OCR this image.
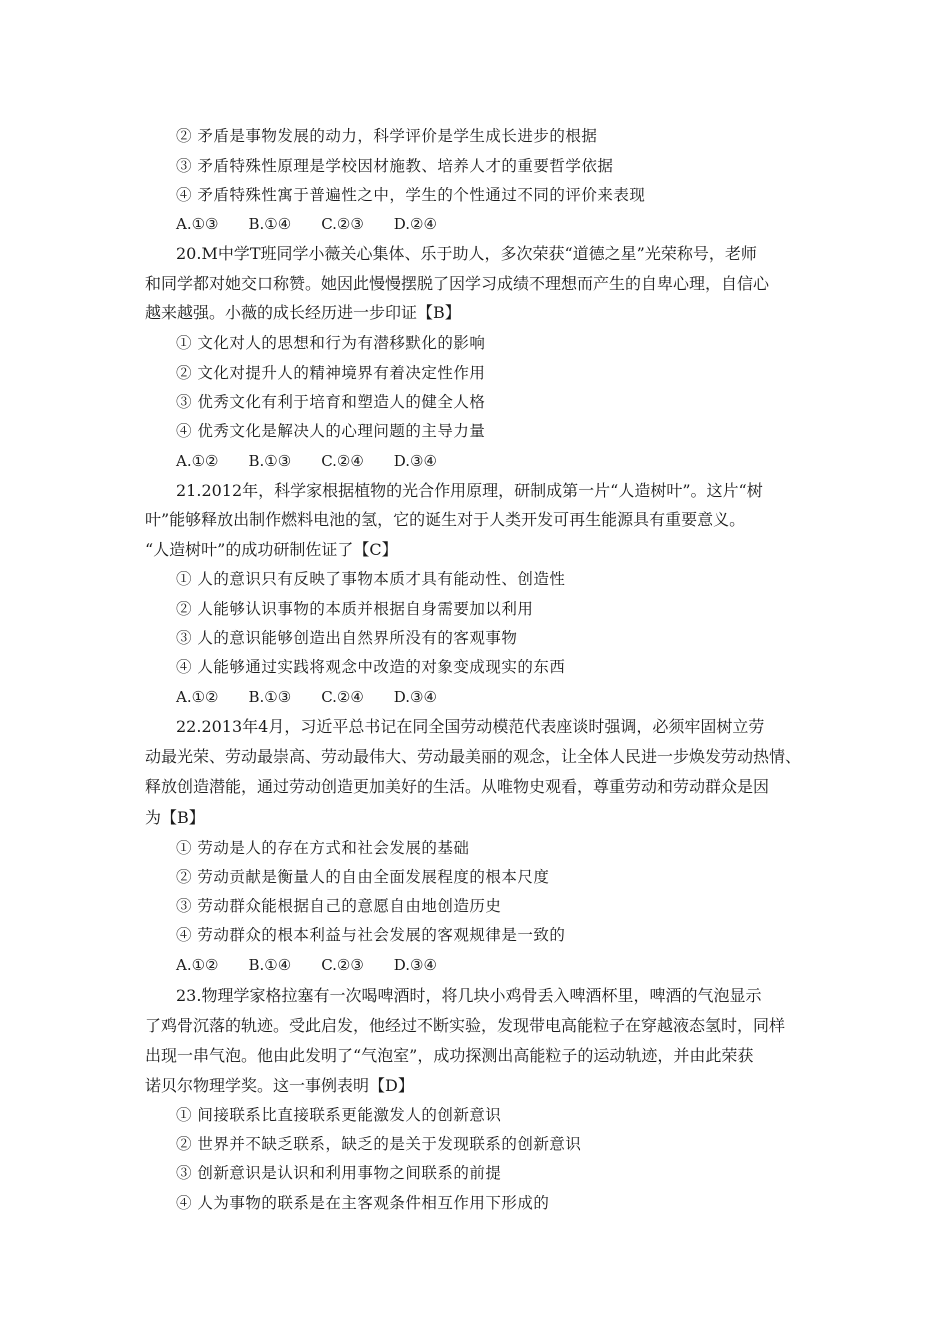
② 矛盾是事物发展的动力，科学评价是学生成长进步的根据
③ 矛盾特殊性原理是学校因材施教、培养人才的重要哲学依据
④ 矛盾特殊性寓于普遍性之中，学生的个性通过不同的评价来表现
A.①③ B.①④ C.②③ D.②④
20.M中学T班同学小薇关心集体、乐于助人，多次荣获“道德之星”光荣称号，老师
和同学都对她交口称赞。她因此慢慢摆脱了因学习成绩不理想而产生的自卑心理，自信心
越来越强。小薇的成长经历进一步印证【B】
① 文化对人的思想和行为有潜移默化的影响
② 文化对提升人的精神境界有着决定性作用
③ 优秀文化有利于培育和塑造人的健全人格
④ 优秀文化是解决人的心理问题的主导力量
A.①② B.①③ C.②④ D.③④
21.2012年，科学家根据植物的光合作用原理，研制成第一片“人造树叶”。这片“树
叶”能够释放出制作燃料电池的氢，它的诞生对于人类开发可再生能源具有重要意义。
“人造树叶”的成功研制佐证了【C】
① 人的意识只有反映了事物本质才具有能动性、创造性
② 人能够认识事物的本质并根据自身需要加以利用
③ 人的意识能够创造出自然界所没有的客观事物
④ 人能够通过实践将观念中改造的对象变成现实的东西
A.①② B.①③ C.②④ D.③④
22.2013年4月，习近平总书记在同全国劳动模范代表座谈时强调，必须牢固树立劳
动最光荣、劳动最崇高、劳动最伟大、劳动最美丽的观念，让全体人民进一步焕发劳动热情、
释放创造潜能，通过劳动创造更加美好的生活。从唯物史观看，尊重劳动和劳动群众是因
为【B】
① 劳动是人的存在方式和社会发展的基础
② 劳动贡献是衡量人的自由全面发展程度的根本尺度
③ 劳动群众能根据自己的意愿自由地创造历史
④ 劳动群众的根本利益与社会发展的客观规律是一致的
A.①② B.①④ C.②③ D.③④
23.物理学家格拉塞有一次喝啤酒时，将几块小鸡骨丢入啤酒杯里，啤酒的气泡显示
了鸡骨沉落的轨迹。受此启发，他经过不断实验，发现带电高能粒子在穿越液态氢时，同样
出现一串气泡。他由此发明了“气泡室”，成功探测出高能粒子的运动轨迹，并由此荣获
诺贝尔物理学奖。这一事例表明【D】
① 间接联系比直接联系更能激发人的创新意识
② 世界并不缺乏联系，缺乏的是关于发现联系的创新意识
③ 创新意识是认识和利用事物之间联系的前提
④ 人为事物的联系是在主客观条件相互作用下形成的
